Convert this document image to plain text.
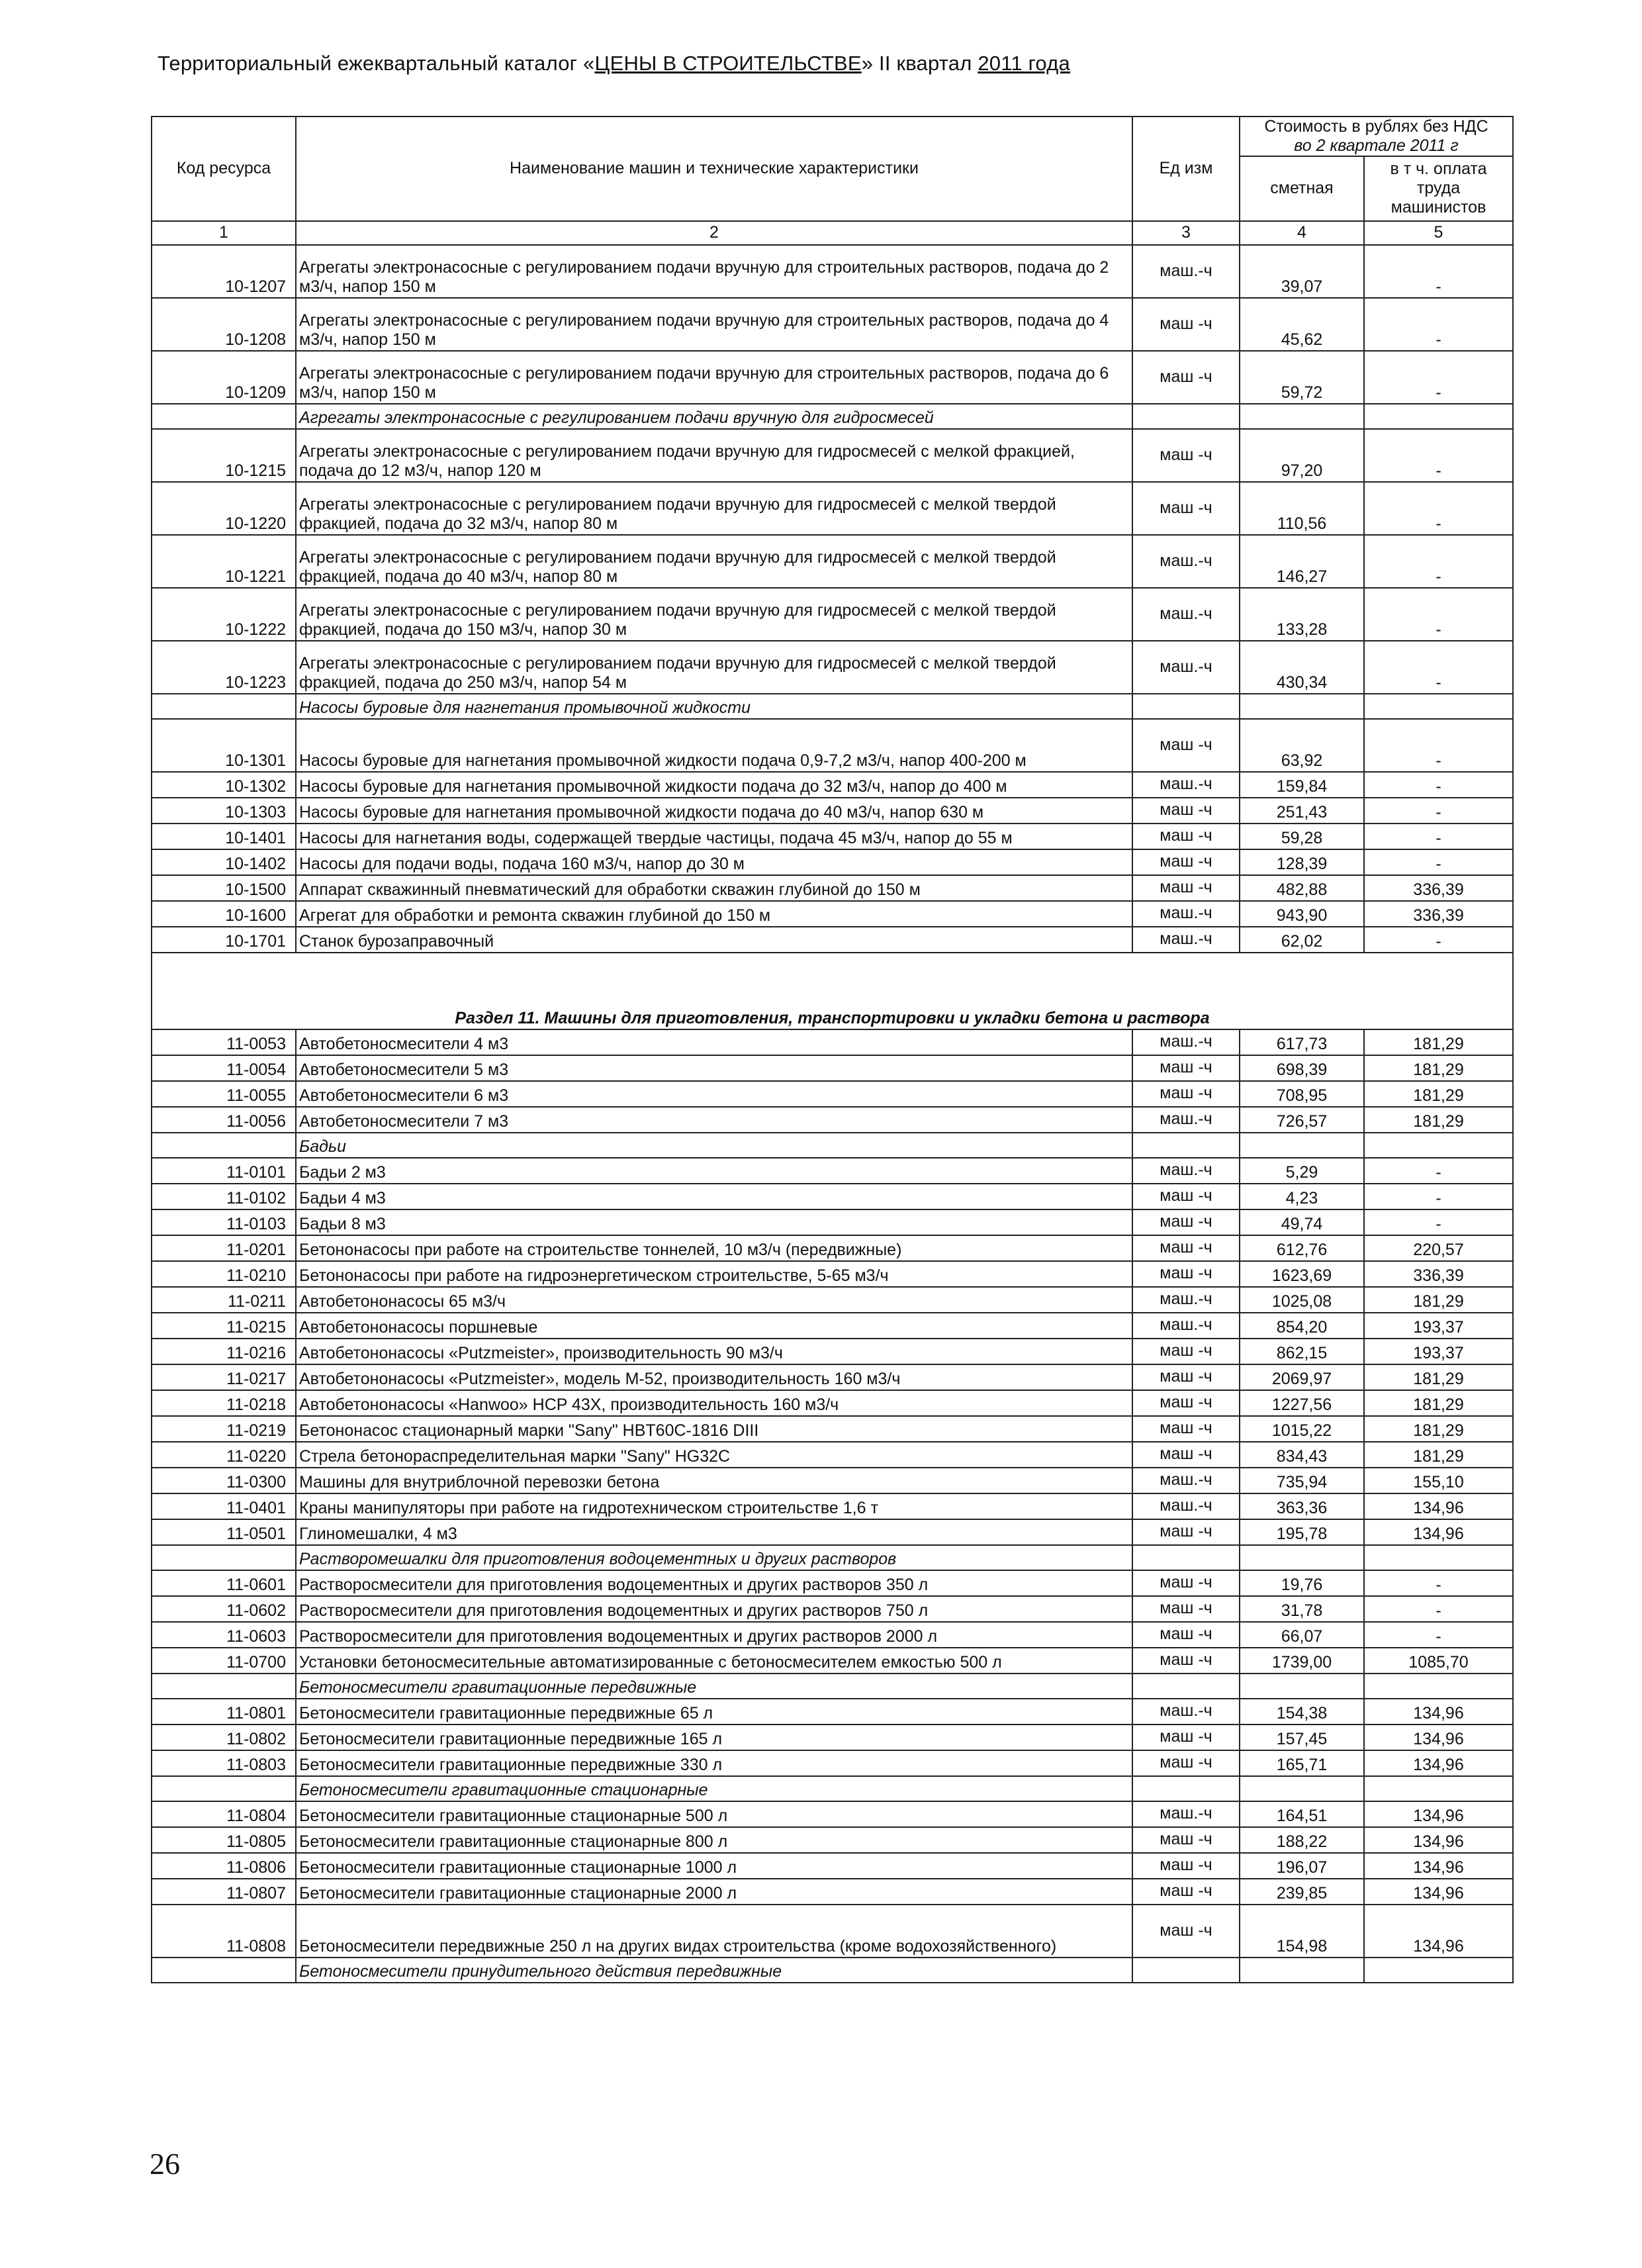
Территориальный ежеквартальный каталог «ЦЕНЫ В СТРОИТЕЛЬСТВЕ» II квартал 2011 года
Код ресурса	Наименование машин и технические характеристики	Ед изм	Стоимость в рублях без НДС
во 2 квартале 2011 г	

			сметная	в т ч. оплата труда машинистов
1	2	3	4	5
10-1207	Агрегаты электронасосные с регулированием подачи вручную для строительных растворов, подача до 2 м3/ч, напор 150 м	маш.-ч	39,07	-
10-1208	Агрегаты электронасосные с регулированием подачи вручную для строительных растворов, подача до 4 м3/ч, напор 150 м	маш -ч	45,62	-
10-1209	Агрегаты электронасосные с регулированием подачи вручную для строительных растворов, подача до 6 м3/ч, напор 150 м	маш -ч	59,72	-
	Агрегаты электронасосные с регулированием подачи вручную для гидросмесей			
10-1215	Агрегаты электронасосные с регулированием подачи вручную для гидросмесей с мелкой фракцией, подача до 12 м3/ч, напор 120 м	маш -ч	97,20	-
10-1220	Агрегаты электронасосные с регулированием подачи вручную для гидросмесей с мелкой твердой фракцией, подача до 32 м3/ч, напор 80 м	маш -ч	110,56	-
10-1221	Агрегаты электронасосные с регулированием подачи вручную для гидросмесей с мелкой твердой фракцией, подача до 40 м3/ч, напор 80 м	маш.-ч	146,27	-
10-1222	Агрегаты электронасосные с регулированием подачи вручную для гидросмесей с мелкой твердой фракцией, подача до 150 м3/ч, напор 30 м	маш.-ч	133,28	-
10-1223	Агрегаты электронасосные с регулированием подачи вручную для гидросмесей с мелкой твердой фракцией, подача до 250 м3/ч, напор 54 м	маш.-ч	430,34	-
	Насосы буровые для нагнетания промывочной жидкости			
10-1301	Насосы буровые для нагнетания промывочной жидкости подача 0,9-7,2 м3/ч, напор 400-200 м	маш -ч	63,92	-
10-1302	Насосы буровые для нагнетания промывочной жидкости подача до 32 м3/ч, напор до 400 м	маш.-ч	159,84	-
10-1303	Насосы буровые для нагнетания промывочной жидкости подача до 40 м3/ч, напор 630 м	маш -ч	251,43	-
10-1401	Насосы для нагнетания воды, содержащей твердые частицы, подача 45 м3/ч, напор до 55 м	маш -ч	59,28	-
10-1402	Насосы для подачи воды, подача 160 м3/ч, напор до 30 м	маш -ч	128,39	-
10-1500	Аппарат скважинный пневматический для обработки скважин глубиной до 150 м	маш -ч	482,88	336,39
10-1600	Агрегат для обработки и ремонта скважин глубиной до 150 м	маш.-ч	943,90	336,39
10-1701	Станок бурозаправочный	маш.-ч	62,02	-
Раздел 11. Машины для приготовления, транспортировки и укладки бетона и раствора				
11-0053	Автобетоносмесители 4 м3	маш.-ч	617,73	181,29
11-0054	Автобетоносмесители 5 м3	маш -ч	698,39	181,29
11-0055	Автобетоносмесители 6 м3	маш -ч	708,95	181,29
11-0056	Автобетоносмесители 7 м3	маш.-ч	726,57	181,29
	Бадьи			
11-0101	Бадьи 2 м3	маш.-ч	5,29	-
11-0102	Бадьи 4 м3	маш -ч	4,23	-
11-0103	Бадьи 8 м3	маш -ч	49,74	-
11-0201	Бетононасосы при работе на строительстве тоннелей, 10 м3/ч (передвижные)	маш -ч	612,76	220,57
11-0210	Бетононасосы при работе на гидроэнергетическом строительстве, 5-65 м3/ч	маш -ч	1623,69	336,39
11-0211	Автобетононасосы 65 м3/ч	маш.-ч	1025,08	181,29
11-0215	Автобетононасосы поршневые	маш.-ч	854,20	193,37
11-0216	Автобетононасосы «Putzmeister», производительность 90 м3/ч	маш -ч	862,15	193,37
11-0217	Автобетононасосы «Putzmeister», модель М-52, производительность 160 м3/ч	маш -ч	2069,97	181,29
11-0218	Автобетононасосы «Hanwoo» HCP 43X, производительность 160 м3/ч	маш -ч	1227,56	181,29
11-0219	Бетононасос стационарный марки "Sany" HBT60C-1816 DIII	маш -ч	1015,22	181,29
11-0220	Стрела бетонораспределительная марки "Sany" HG32C	маш -ч	834,43	181,29
11-0300	Машины для внутриблочной перевозки бетона	маш.-ч	735,94	155,10
11-0401	Краны манипуляторы при работе на гидротехническом строительстве 1,6 т	маш.-ч	363,36	134,96
11-0501	Глиномешалки, 4 м3	маш -ч	195,78	134,96
	Растворомешалки для приготовления водоцементных и других растворов			
11-0601	Растворосмесители для приготовления водоцементных и других растворов 350 л	маш -ч	19,76	-
11-0602	Растворосмесители для приготовления водоцементных и других растворов 750 л	маш -ч	31,78	-
11-0603	Растворосмесители для приготовления водоцементных и других растворов 2000 л	маш -ч	66,07	-
11-0700	Установки бетоносмесительные автоматизированные с бетоносмесителем емкостью 500 л	маш -ч	1739,00	1085,70
	Бетоносмесители гравитационные передвижные			
11-0801	Бетоносмесители гравитационные передвижные 65 л	маш.-ч	154,38	134,96
11-0802	Бетоносмесители гравитационные передвижные 165 л	маш -ч	157,45	134,96
11-0803	Бетоносмесители гравитационные передвижные 330 л	маш -ч	165,71	134,96
	Бетоносмесители гравитационные стационарные			
11-0804	Бетоносмесители гравитационные стационарные 500 л	маш.-ч	164,51	134,96
11-0805	Бетоносмесители гравитационные стационарные 800 л	маш -ч	188,22	134,96
11-0806	Бетоносмесители гравитационные стационарные 1000 л	маш -ч	196,07	134,96
11-0807	Бетоносмесители гравитационные стационарные 2000 л	маш -ч	239,85	134,96
11-0808	Бетоносмесители передвижные 250 л на других видах строительства (кроме водохозяйственного)	маш -ч	154,98	134,96
	Бетоносмесители принудительного действия передвижные			
26
